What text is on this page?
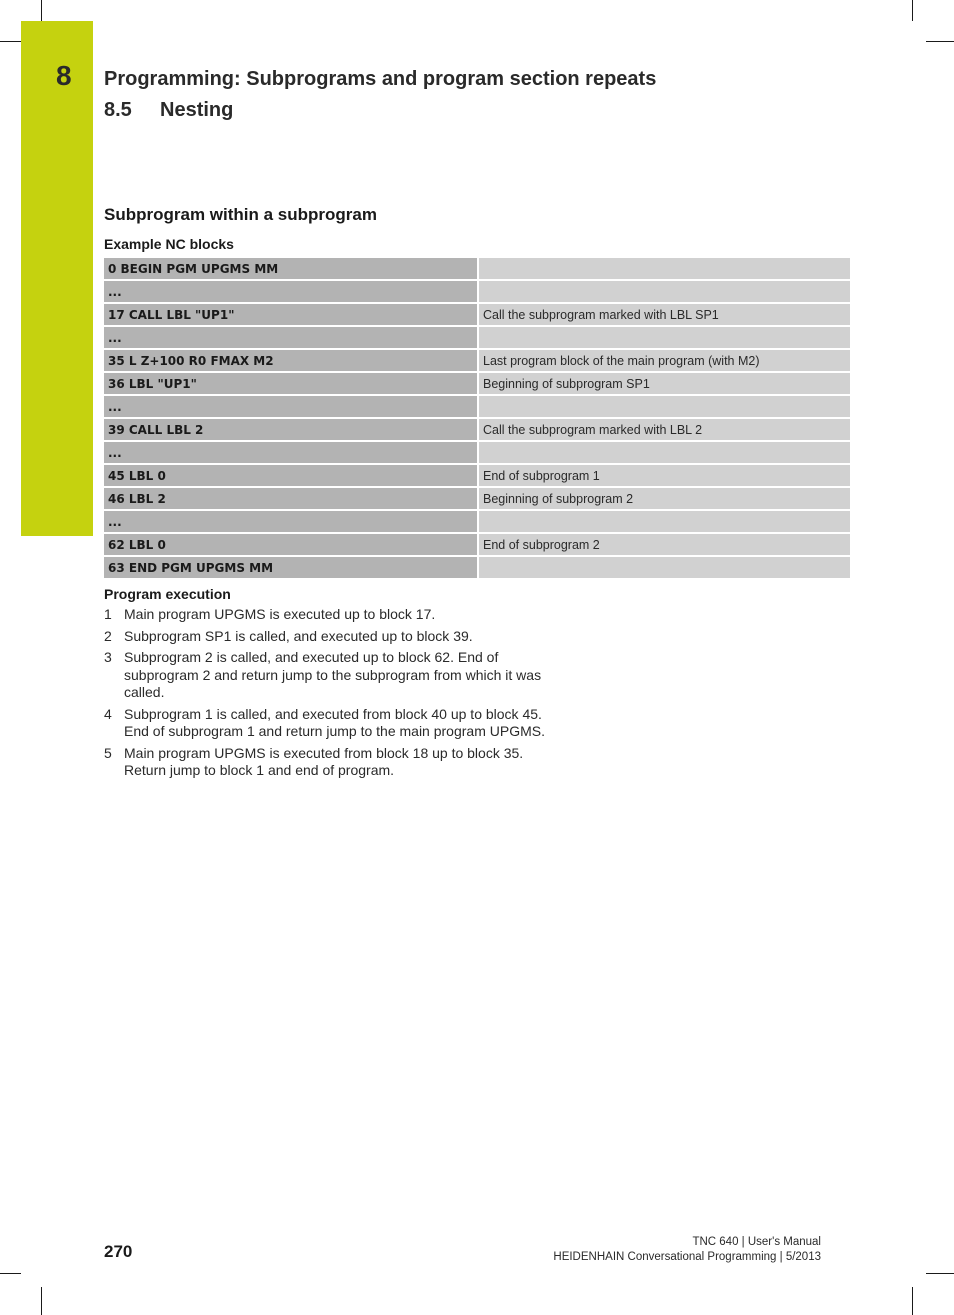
8 Programming: Subprograms and program section repeats
8.5 Nesting
Subprogram within a subprogram
Example NC blocks
0 BEGIN PGM UPGMS MM	
...	
17 CALL LBL "UP1"	Call the subprogram marked with LBL SP1
...	
35 L Z+100 R0 FMAX M2	Last program block of the main program (with M2)
36 LBL "UP1"	Beginning of subprogram SP1
...	
39 CALL LBL 2	Call the subprogram marked with LBL 2
...	
45 LBL 0	End of subprogram 1
46 LBL 2	Beginning of subprogram 2
...	
62 LBL 0	End of subprogram 2
63 END PGM UPGMS MM	
Program execution
1 Main program UPGMS is executed up to block 17.
2 Subprogram SP1 is called, and executed up to block 39.
3 Subprogram 2 is called, and executed up to block 62. End of subprogram 2 and return jump to the subprogram from which it was called.
4 Subprogram 1 is called, and executed from block 40 up to block 45. End of subprogram 1 and return jump to the main program UPGMS.
5 Main program UPGMS is executed from block 18 up to block 35. Return jump to block 1 and end of program.
270	TNC 640 | User's Manual
HEIDENHAIN Conversational Programming | 5/2013
